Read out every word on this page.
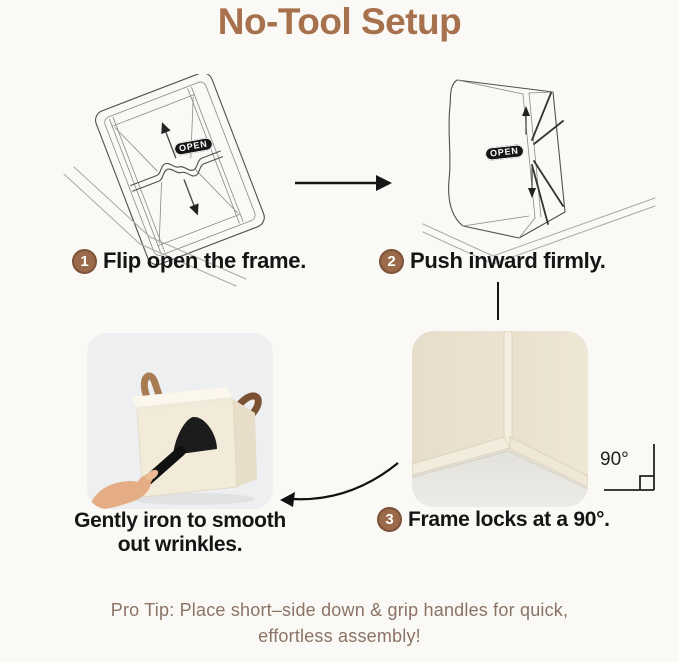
No-Tool Setup
OPEN	OPEN
1 Flip open the frame.	2 Push inward firmly.
90°
3 Frame locks at a 90°.
Gently iron to smooth
out wrinkles.
Pro Tip: Place short–side down & grip handles for quick,
effortless assembly!
